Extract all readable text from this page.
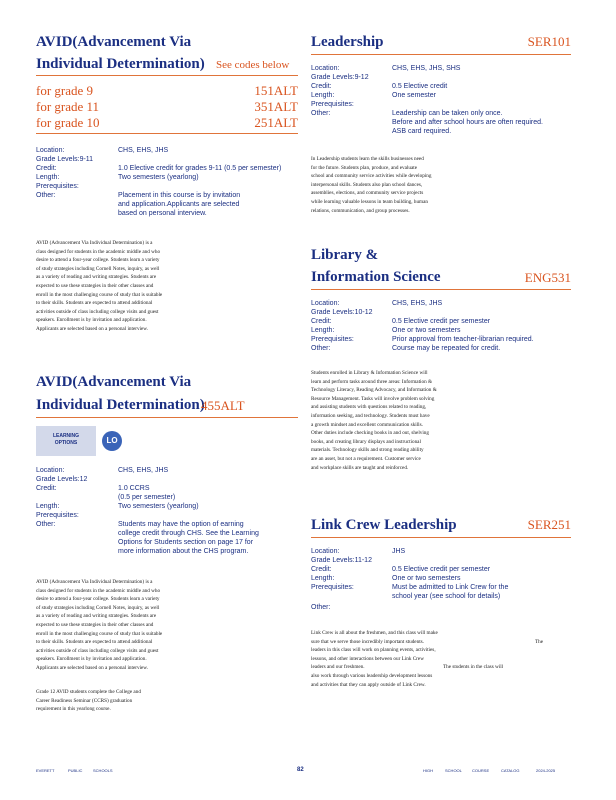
AVID(Advancement Via
Individual Determination)	See codes below
for grade 9	151ALT
for grade 11	351ALT
for grade 10	251ALT
Location:	CHS, EHS, JHS
Grade Levels:9-11
Credit:	1.0 Elective credit for grades 9-11 (0.5 per semester)
Length:	Two semesters (yearlong)
Prerequisites:
Other:	Placement in this course is by invitation
and application.Applicants are selected
based on personal interview.
AVID (Advancement Via Individual Determination) is a
class designed for students in the academic middle and who
desire to attend a four-year college. Students learn a variety
of study strategies including Cornell Notes, inquiry, as well
as a variety of reading and writing strategies. Students are
expected to use these strategies in their other classes and
enroll in the most challenging course of study that is suitable
to their skills. Students are expected to attend additional
activities outside of class including college visits and guest
speakers. Enrollment is by invitation and application.
Applicants are selected based on a personal interview.
AVID(Advancement Via
Individual Determination)
455ALT
LEARNING
OPTIONS	LO
Location:	CHS, EHS, JHS
Grade Levels:12
Credit:	1.0 CCRS
(0.5 per semester)
Length:	Two semesters (yearlong)
Prerequisites:
Other:	Students may have the option of earning
college credit through CHS. See the Learning
Options for Students section on page 17 for
more information about the CHS program.
AVID (Advancement Via Individual Determination) is a
class designed for students in the academic middle and who
desire to attend a four-year college. Students learn a variety
of study strategies including Cornell Notes, inquiry, as well
as a variety of reading and writing strategies. Students are
expected to use these strategies in their other classes and
enroll in the most challenging course of study that is suitable
to their skills. Students are expected to attend additional
activities outside of class including college visits and guest
speakers. Enrollment is by invitation and application.
Applicants are selected based on a personal interview.
Grade 12 AVID students complete the College and
Career Readiness Seminar (CCRS) graduation
requirement in this yearlong course.
Leadership	SER101
Location:	CHS, EHS, JHS, SHS
Grade Levels:9-12
Credit:	0.5 Elective credit
Length:	One semester
Prerequisites:
Other:	Leadership can be taken only once.
Before and after school hours are often required.
ASB card required.
In Leadership students learn the skills businesses need
for the future. Students plan, produce, and evaluate
school and community service activities while developing
interpersonal skills. Students also plan school dances,
assemblies, elections, and community service projects
while learning valuable lessons in team building, human
relations, communication, and group processes.
Library &
Information Science	ENG531
Location:	CHS, EHS, JHS
Grade Levels:10-12
Credit:	0.5 Elective credit per semester
Length:	One or two semesters
Prerequisites:	Prior approval from teacher-librarian required.
Other:	Course may be repeated for credit.
Students enrolled in Library & Information Science will
learn and perform tasks around three areas: Information &
Technology Literacy, Reading Advocacy, and Information &
Resource Management. Tasks will involve problem solving
and assisting students with questions related to reading,
information seeking, and technology. Students must have
a growth mindset and excellent communication skills.
Other duties include checking books in and out, shelving
books, and creating library displays and instructional
materials. Technology skills and strong reading ability
are an asset, but not a requirement. Customer service
and workplace skills are taught and reinforced.
Link Crew Leadership	SER251
Location:	JHS
Grade Levels:11-12
Credit:	0.5 Elective credit per semester
Length:	One or two semesters
Prerequisites:	Must be admitted to Link Crew for the
school year (see school for details)
Other:
Link Crew is all about the freshmen, and this class will make
sure that we serve those incredibly important students.	The
leaders in this class will work on planning events, activities,
lessons, and other interactions between our Link Crew
leaders and our freshmen.	The students in the class will
also work through various leadership development lessons
and activities that they can apply outside of Link Crew.
EVERETT	PUBLIC	SCHOOLS	82	HIGH	SCHOOL	COURSE	CATALOG	2024-2025
